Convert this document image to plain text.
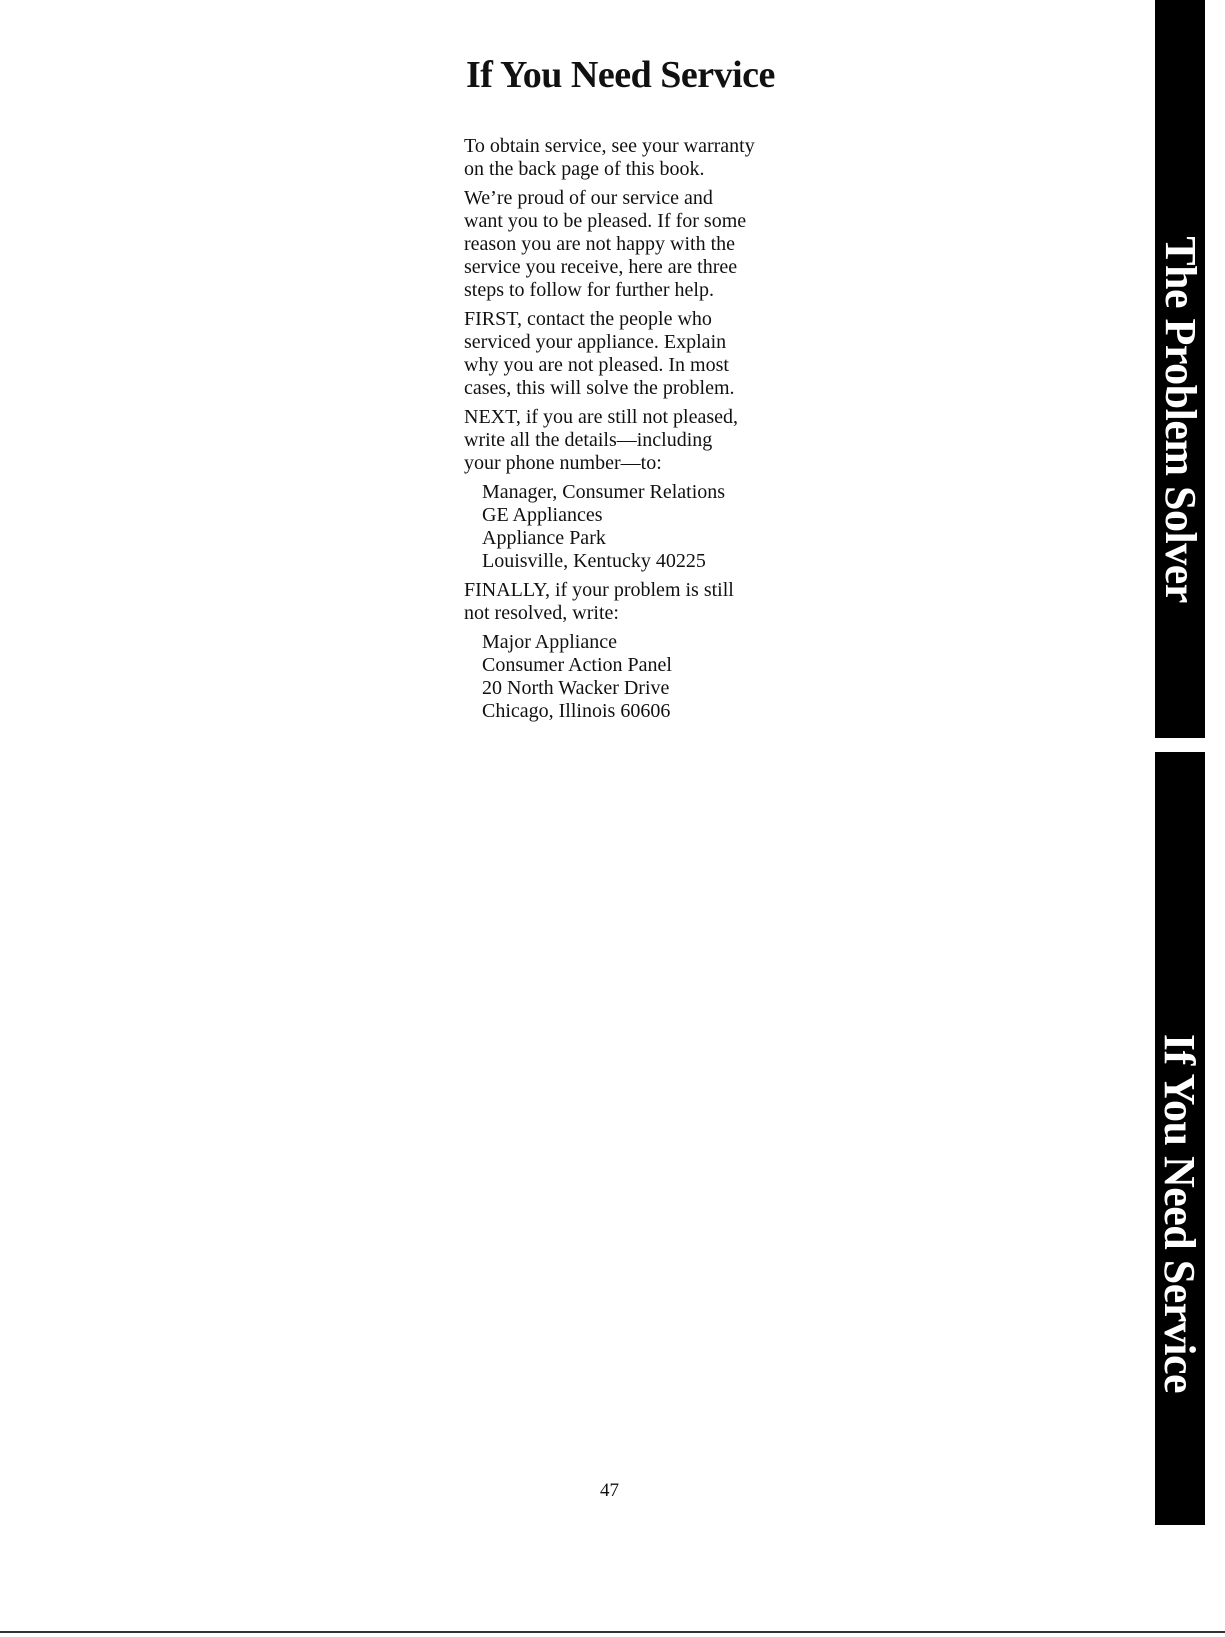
If You Need Service

To obtain service, see your warranty
on the back page of this book.

We’re proud of our service and
want you to be pleased. If for some
reason you are not happy with the
service you receive, here are three
steps to follow for further help.

FIRST, contact the people who
serviced your appliance. Explain
why you are not pleased. In most
cases, this will solve the problem.

NEXT, if you are still not pleased,
write all the details—including
your phone number—to:

Manager, Consumer Relations
GE Appliances
Appliance Park
Louisville, Kentucky 40225

FINALLY, if your problem is still
not resolved, write:

Major Appliance
Consumer Action Panel
20 North Wacker Drive
Chicago, Illinois 60606
The Problem Solver
If You Need Service
47
